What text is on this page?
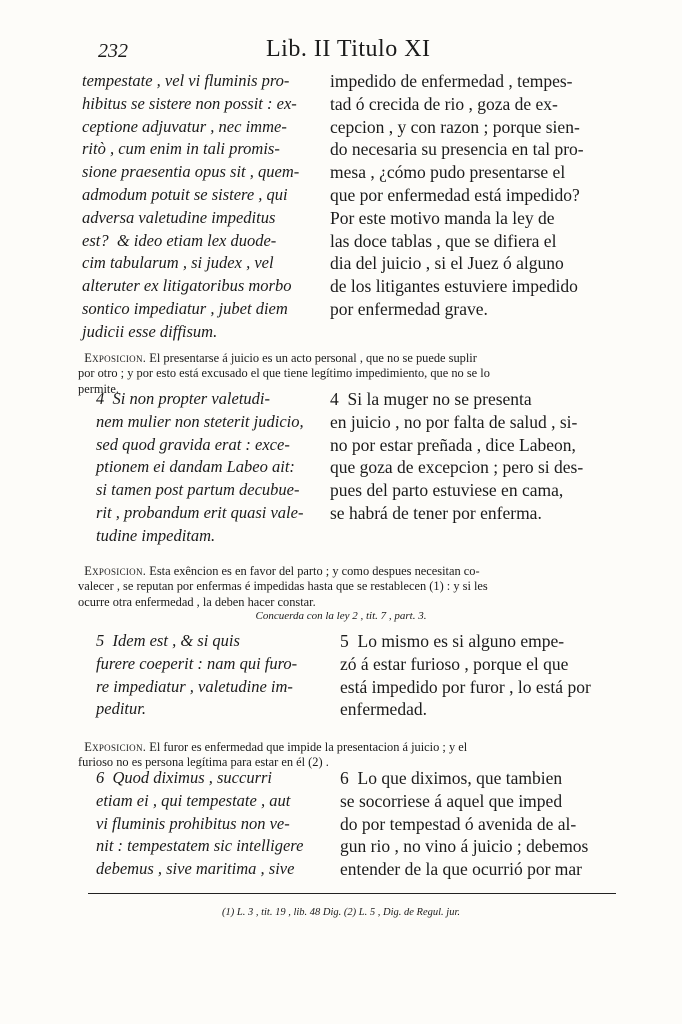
232	Lib. II Titulo XI
tempestate , vel vi fluminis pro-
hibitus se sistere non possit : ex-
ceptione adjuvatur , nec imme-
ritò , cum enim in tali promis-
sione praesentia opus sit , quem-
admodum potuit se sistere , qui
adversa valetudine impeditus
est?  & ideo etiam lex duode-
cim tabularum , si judex , vel
alteruter ex litigatoribus morbo
sontico impediatur , jubet diem
judicii esse diffisum.
impedido de enfermedad , tempes-
tad ó crecida de rio , goza de ex-
cepcion , y con razon ; porque sien-
do necesaria su presencia en tal pro-
mesa , ¿cómo pudo presentarse el
que por enfermedad está impedido?
Por este motivo manda la ley de
las doce tablas , que se difiera el
dia del juicio , si el Juez ó alguno
de los litigantes estuviere impedido
por enfermedad grave.

Exposicion. El presentarse á juicio es un acto personal , que no se puede suplir
por otro ; y por esto está excusado el que tiene legítimo impedimiento, que no se lo
permite.
4  Si non propter valetudi-
nem mulier non steterit judicio,
sed quod gravida erat : exce-
ptionem ei dandam Labeo ait:
si tamen post partum decubue-
rit , probandum erit quasi vale-
tudine impeditam.
4  Si la muger no se presenta
en juicio , no por falta de salud , si-
no por estar preñada , dice Labeon,
que goza de excepcion ; pero si des-
pues del parto estuviese en cama,
se habrá de tener por enferma.

Exposicion. Esta exêncion es en favor del parto ; y como despues necesitan co-
valecer , se reputan por enfermas é impedidas hasta que se restablecen (1) : y si les
ocurre otra enfermedad , la deben hacer constar.
Concuerda con la ley 2 , tit. 7 , part. 3.
5  Idem est , & si quis
furere coeperit : nam qui furo-
re impediatur , valetudine im-
peditur.
5  Lo mismo es si alguno empe-
zó á estar furioso , porque el que
está impedido por furor , lo está por
enfermedad.

Exposicion. El furor es enfermedad que impide la presentacion á juicio ; y el
furioso no es persona legítima para estar en él (2) .
6  Quod diximus , succurri
etiam ei , qui tempestate , aut
vi fluminis prohibitus non ve-
nit : tempestatem sic intelligere
debemus , sive maritima , sive
6  Lo que diximos, que tambien
se socorriese á aquel que imped
do por tempestad ó avenida de al-
gun rio , no vino á juicio ; debemos
entender de la que ocurrió por mar
(1) L. 3 , tit. 19 , lib. 48 Dig. (2) L. 5 , Dig. de Regul. jur.
